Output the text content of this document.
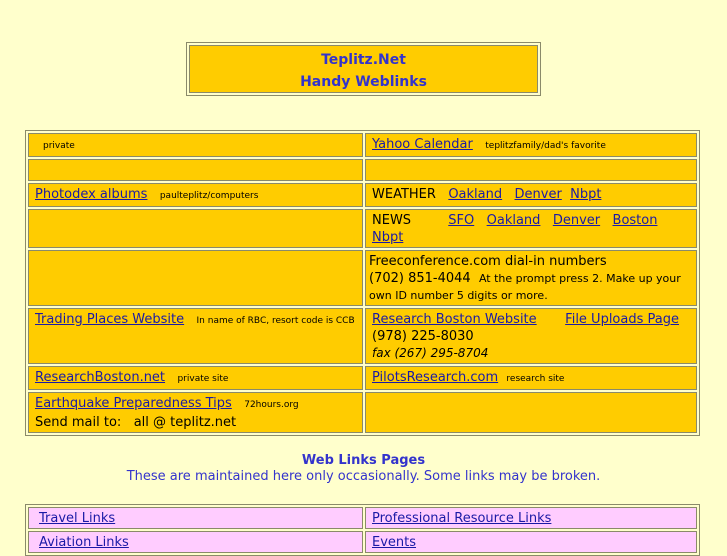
Teplitz.Net
Handy Weblinks
private	Yahoo Calendar teplitzfamily/dad's favorite

Photodex albums paulteplitz/computers	WEATHER Oakland Denver Nbpt
	NEWS SFO Oakland Denver Boston
Nbpt
	Freeconference.com dial-in numbers
(702) 851-4044 At the prompt press 2. Make up your own ID number 5 digits or more.
Trading Places Website In name of RBC, resort code is CCB	Research Boston Website File Uploads Page

(978) 225-8030
fax (267) 295-8704
ResearchBoston.net private site	PilotsResearch.com research site
Earthquake Preparedness Tips 72hours.org
Send mail to: all @ teplitz.net	
Web Links Pages
These are maintained here only occasionally. Some links may be broken.
Travel Links	Professional Resource Links
Aviation Links	Events
